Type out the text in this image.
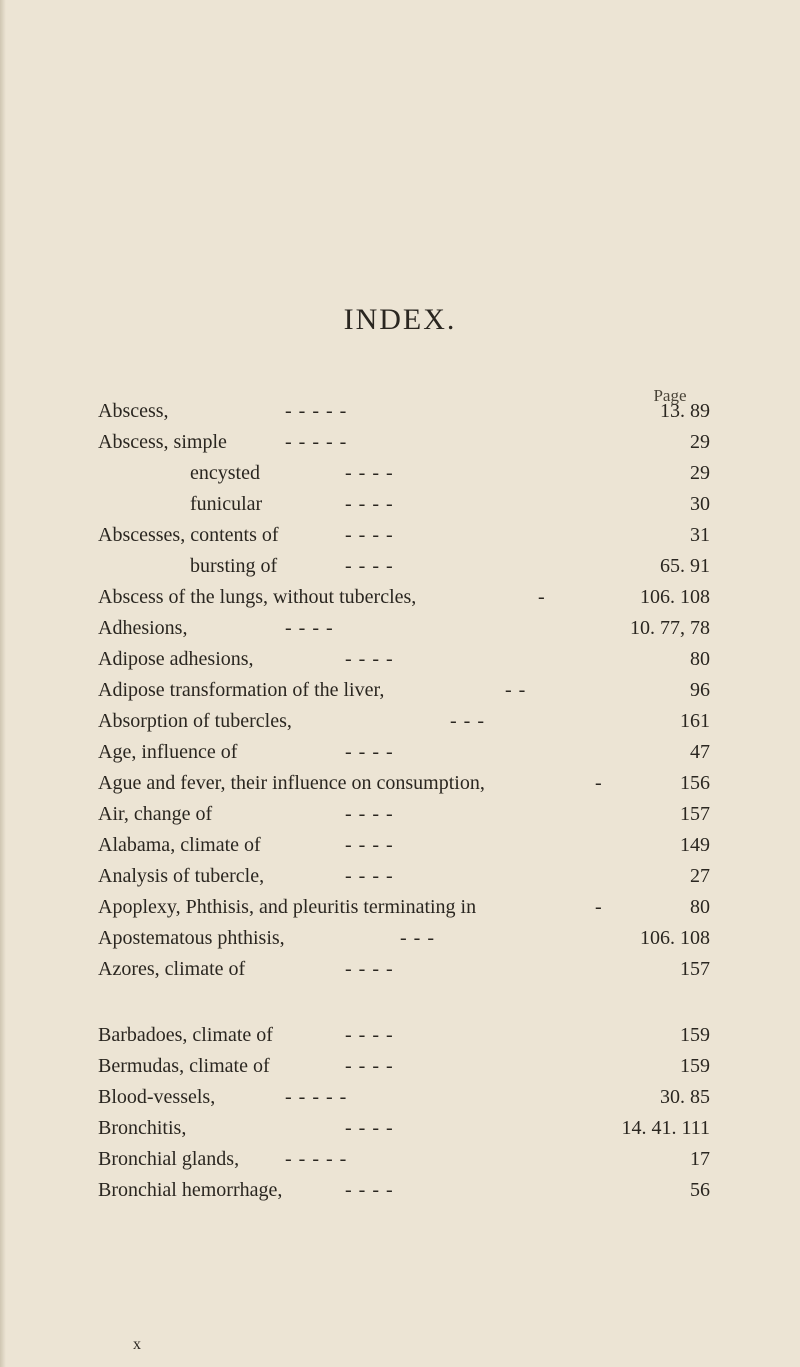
INDEX.
Page
Abscess,	- - - - -	13. 89
Abscess, simple	- - - - -	29
encysted	- - - -	29
funicular	- - - -	30
Abscesses, contents of	- - - -	31
bursting of	- - - -	65. 91
Abscess of the lungs, without tubercles,	-	106. 108
Adhesions,	- - - -	10. 77, 78
Adipose adhesions,	- - - -	80
Adipose transformation of the liver,	- -	96
Absorption of tubercles,	- - -	161
Age, influence of	- - - -	47
Ague and fever, their influence on consumption,	-	156
Air, change of	- - - -	157
Alabama, climate of	- - - -	149
Analysis of tubercle,	- - - -	27
Apoplexy, Phthisis, and pleuritis terminating in	-	80
Apostematous phthisis,	- - -	106. 108
Azores, climate of	- - - -	157
Barbadoes, climate of	- - - -	159
Bermudas, climate of	- - - -	159
Blood-vessels,	- - - - -	30. 85
Bronchitis,	- - - -	14. 41. 111
Bronchial glands, - - - - -	17
Bronchial hemorrhage,	- - - -	56
x
